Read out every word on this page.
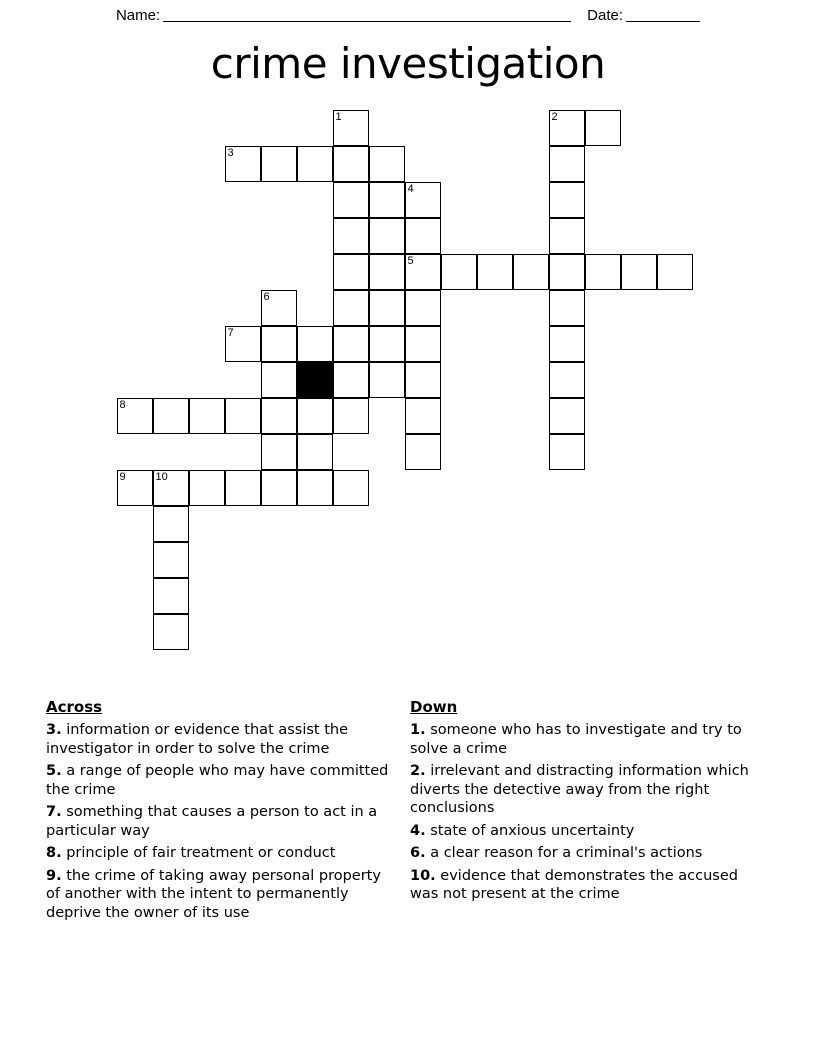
Name:	Date:
crime investigation
1	2
3
4
5
6
7
8
9	10
Across
3. information or evidence that assist the investigator in order to solve the crime
5. a range of people who may have committed the crime
7. something that causes a person to act in a particular way
8. principle of fair treatment or conduct
9. the crime of taking away personal property of another with the intent to permanently deprive the owner of its use
Down
1. someone who has to investigate and try to solve a crime
2. irrelevant and distracting information which diverts the detective away from the right conclusions
4. state of anxious uncertainty
6. a clear reason for a criminal's actions
10. evidence that demonstrates the accused was not present at the crime
